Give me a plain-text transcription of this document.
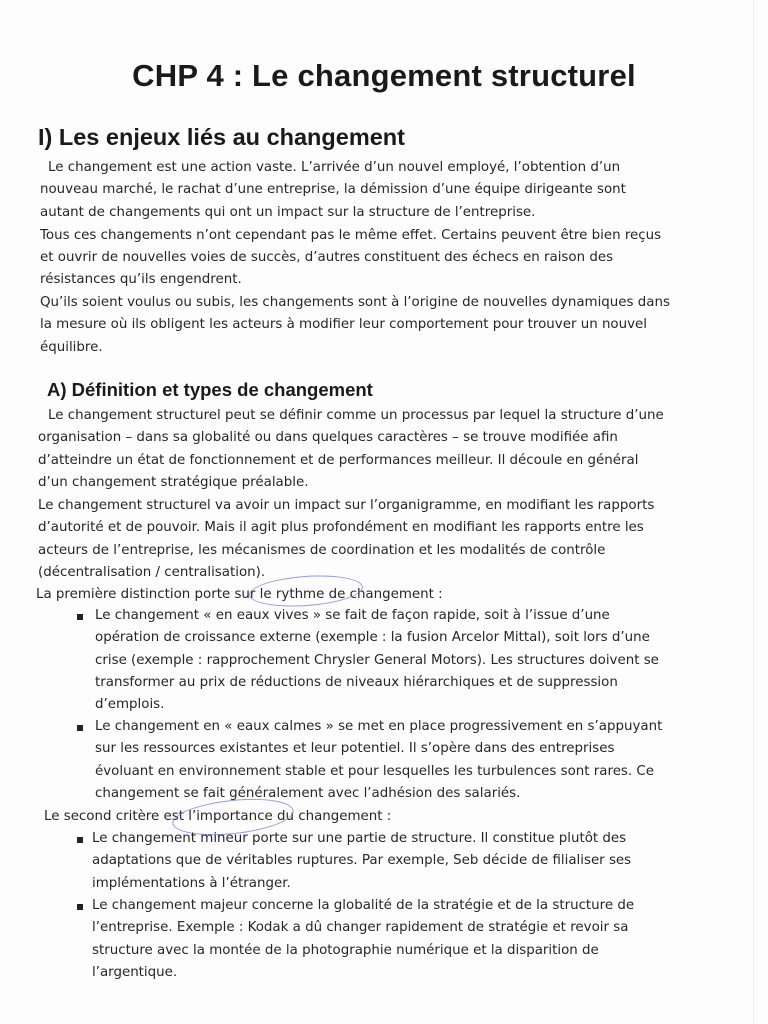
CHP 4 : Le changement structurel
I) Les enjeux liés au changement
Le changement est une action vaste. L’arrivée d’un nouvel employé, l’obtention d’un
nouveau marché, le rachat d’une entreprise, la démission d’une équipe dirigeante sont
autant de changements qui ont un impact sur la structure de l’entreprise.
Tous ces changements n’ont cependant pas le même effet. Certains peuvent être bien reçus
et ouvrir de nouvelles voies de succès, d’autres constituent des échecs en raison des
résistances qu’ils engendrent.
Qu’ils soient voulus ou subis, les changements sont à l’origine de nouvelles dynamiques dans
la mesure où ils obligent les acteurs à modifier leur comportement pour trouver un nouvel
équilibre.
A) Définition et types de changement
Le changement structurel peut se définir comme un processus par lequel la structure d’une
organisation – dans sa globalité ou dans quelques caractères – se trouve modifiée afin
d’atteindre un état de fonctionnement et de performances meilleur. Il découle en général
d’un changement stratégique préalable.
Le changement structurel va avoir un impact sur l’organigramme, en modifiant les rapports
d’autorité et de pouvoir. Mais il agit plus profondément en modifiant les rapports entre les
acteurs de l’entreprise, les mécanismes de coordination et les modalités de contrôle
(décentralisation / centralisation).
La première distinction porte sur le rythme de changement :
Le changement « en eaux vives » se fait de façon rapide, soit à l’issue d’une
opération de croissance externe (exemple : la fusion Arcelor Mittal), soit lors d’une
crise (exemple : rapprochement Chrysler General Motors). Les structures doivent se
transformer au prix de réductions de niveaux hiérarchiques et de suppression
d’emplois.
Le changement en « eaux calmes » se met en place progressivement en s’appuyant
sur les ressources existantes et leur potentiel. Il s’opère dans des entreprises
évoluant en environnement stable et pour lesquelles les turbulences sont rares. Ce
changement se fait généralement avec l’adhésion des salariés.
Le second critère est l’importance du changement :
Le changement mineur porte sur une partie de structure. Il constitue plutôt des
adaptations que de véritables ruptures. Par exemple, Seb décide de filialiser ses
implémentations à l’étranger.
Le changement majeur concerne la globalité de la stratégie et de la structure de
l’entreprise. Exemple : Kodak a dû changer rapidement de stratégie et revoir sa
structure avec la montée de la photographie numérique et la disparition de
l’argentique.
